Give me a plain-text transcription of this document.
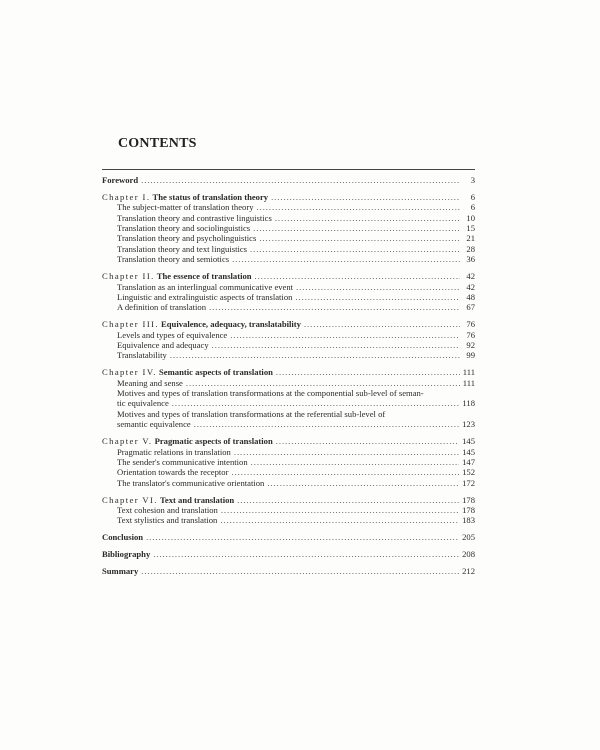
CONTENTS
Foreword . . .	3
Chapter I. The status of translation theory . . .	6
The subject-matter of translation theory . . .	6
Translation theory and contrastive linguistics . . .	10
Translation theory and sociolinguistics . . .	15
Translation theory and psycholinguistics . . .	21
Translation theory and text linguistics . . .	28
Translation theory and semiotics . . .	36
Chapter II. The essence of translation . . .	42
Translation as an interlingual communicative event . . .	42
Linguistic and extralinguistic aspects of translation . . .	48
A definition of translation . . .	67
Chapter III. Equivalence, adequacy, translatability . . .	76
Levels and types of equivalence . . .	76
Equivalence and adequacy . . .	92
Translatability . . .	99
Chapter IV. Semantic aspects of translation . . .	111
Meaning and sense . . .	111
Motives and types of translation transformations at the componential sub-level of seman-
tic equivalence . . .	118
Motives and types of translation transformations at the referential sub-level of
semantic equivalence . . .	123
Chapter V. Pragmatic aspects of translation . . .	145
Pragmatic relations in translation . . .	145
The sender's communicative intention . . .	147
Orientation towards the receptor . . .	152
The translator's communicative orientation . . .	172
Chapter VI. Text and translation . . .	178
Text cohesion and translation . . .	178
Text stylistics and translation . . .	183
Conclusion . . .	205
Bibliography . . .	208
Summary . . .	212
